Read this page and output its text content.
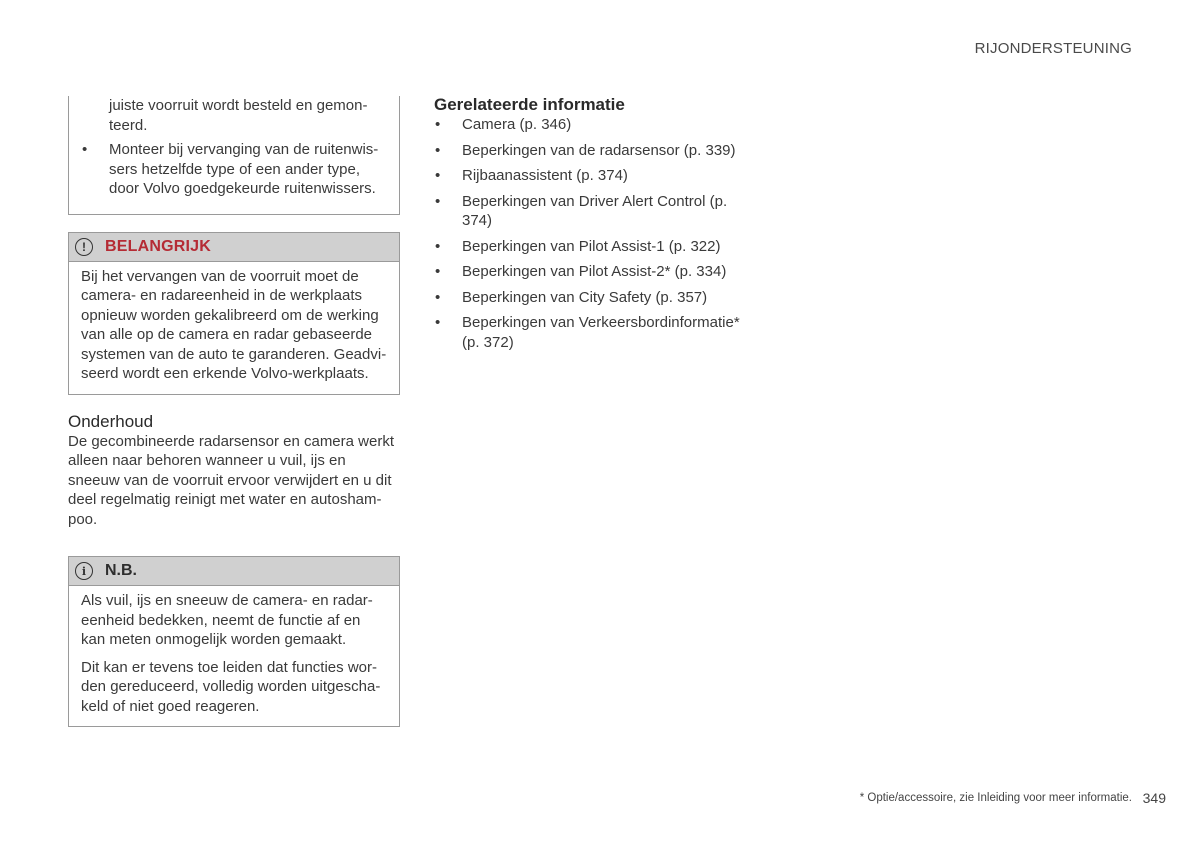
RIJONDERSTEUNING
juiste voorruit wordt besteld en gemon-teerd.
• Monteer bij vervanging van de ruitenwis-sers hetzelfde type of een ander type, door Volvo goedgekeurde ruitenwissers.
!	BELANGRIJK

Bij het vervangen van de voorruit moet de camera- en radareenheid in de werkplaats opnieuw worden gekalibreerd om de werking van alle op de camera en radar gebaseerde systemen van de auto te garanderen. Geadvi-seerd wordt een erkende Volvo-werkplaats.

Onderhoud

De gecombineerde radarsensor en camera werkt alleen naar behoren wanneer u vuil, ijs en sneeuw van de voorruit ervoor verwijdert en u dit deel regelmatig reinigt met water en autosham-poo.

i	N.B.

Als vuil, ijs en sneeuw de camera- en radar-eenheid bedekken, neemt de functie af en kan meten onmogelijk worden gemaakt.

Dit kan er tevens toe leiden dat functies wor-den gereduceerd, volledig worden uitgescha-keld of niet goed reageren.

Gerelateerde informatie
• Camera (p. 346)
• Beperkingen van de radarsensor (p. 339)
• Rijbaanassistent (p. 374)
• Beperkingen van Driver Alert Control (p. 374)
• Beperkingen van Pilot Assist-1 (p. 322)
• Beperkingen van Pilot Assist-2* (p. 334)
• Beperkingen van City Safety (p. 357)
• Beperkingen van Verkeersbordinformatie* (p. 372)
* Optie/accessoire, zie Inleiding voor meer informatie. 349
